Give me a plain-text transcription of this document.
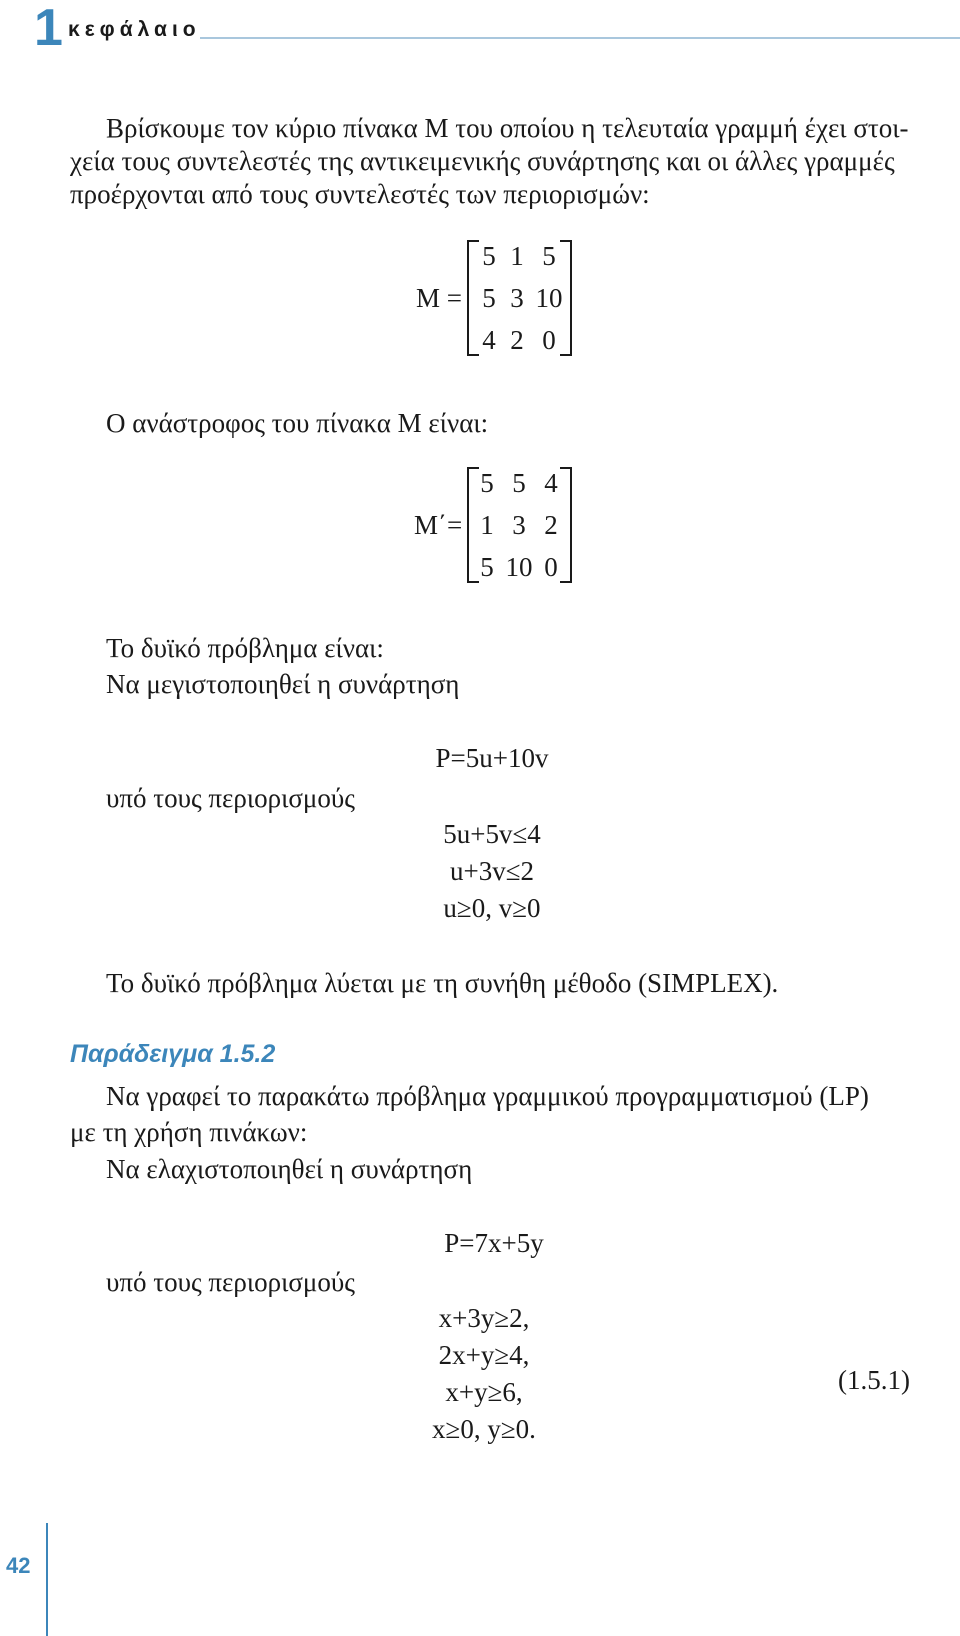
1 κεφάλαιο
Βρίσκουμε τον κύριο πίνακα Μ του οποίου η τελευταία γραμμή έχει στοι-
χεία τους συντελεστές της αντικειμενικής συνάρτησης και οι άλλες γραμμές
προέρχονται από τους συντελεστές των περιορισμών:
Μ =
5 1 5
5 3 10
4 2 0
Ο ανάστροφος του πίνακα Μ είναι:
Μ΄=
5 5 4
1 3 2
5 10 0
Το δυϊκό πρόβλημα είναι:
Να μεγιστοποιηθεί η συνάρτηση
P=5u+10v
υπό τους περιορισμούς
5u+5v≤4
u+3v≤2
u≥0, v≥0
Το δυϊκό πρόβλημα λύεται με τη συνήθη μέθοδο (SIMPLEX).
Παράδειγμα 1.5.2
Να γραφεί το παρακάτω πρόβλημα γραμμικού προγραμματισμού (LP)
με τη χρήση πινάκων:
Να ελαχιστοποιηθεί η συνάρτηση
P=7x+5y
υπό τους περιορισμούς
x+3y≥2,
2x+y≥4,
x+y≥6,
x≥0, y≥0.
(1.5.1)
42
